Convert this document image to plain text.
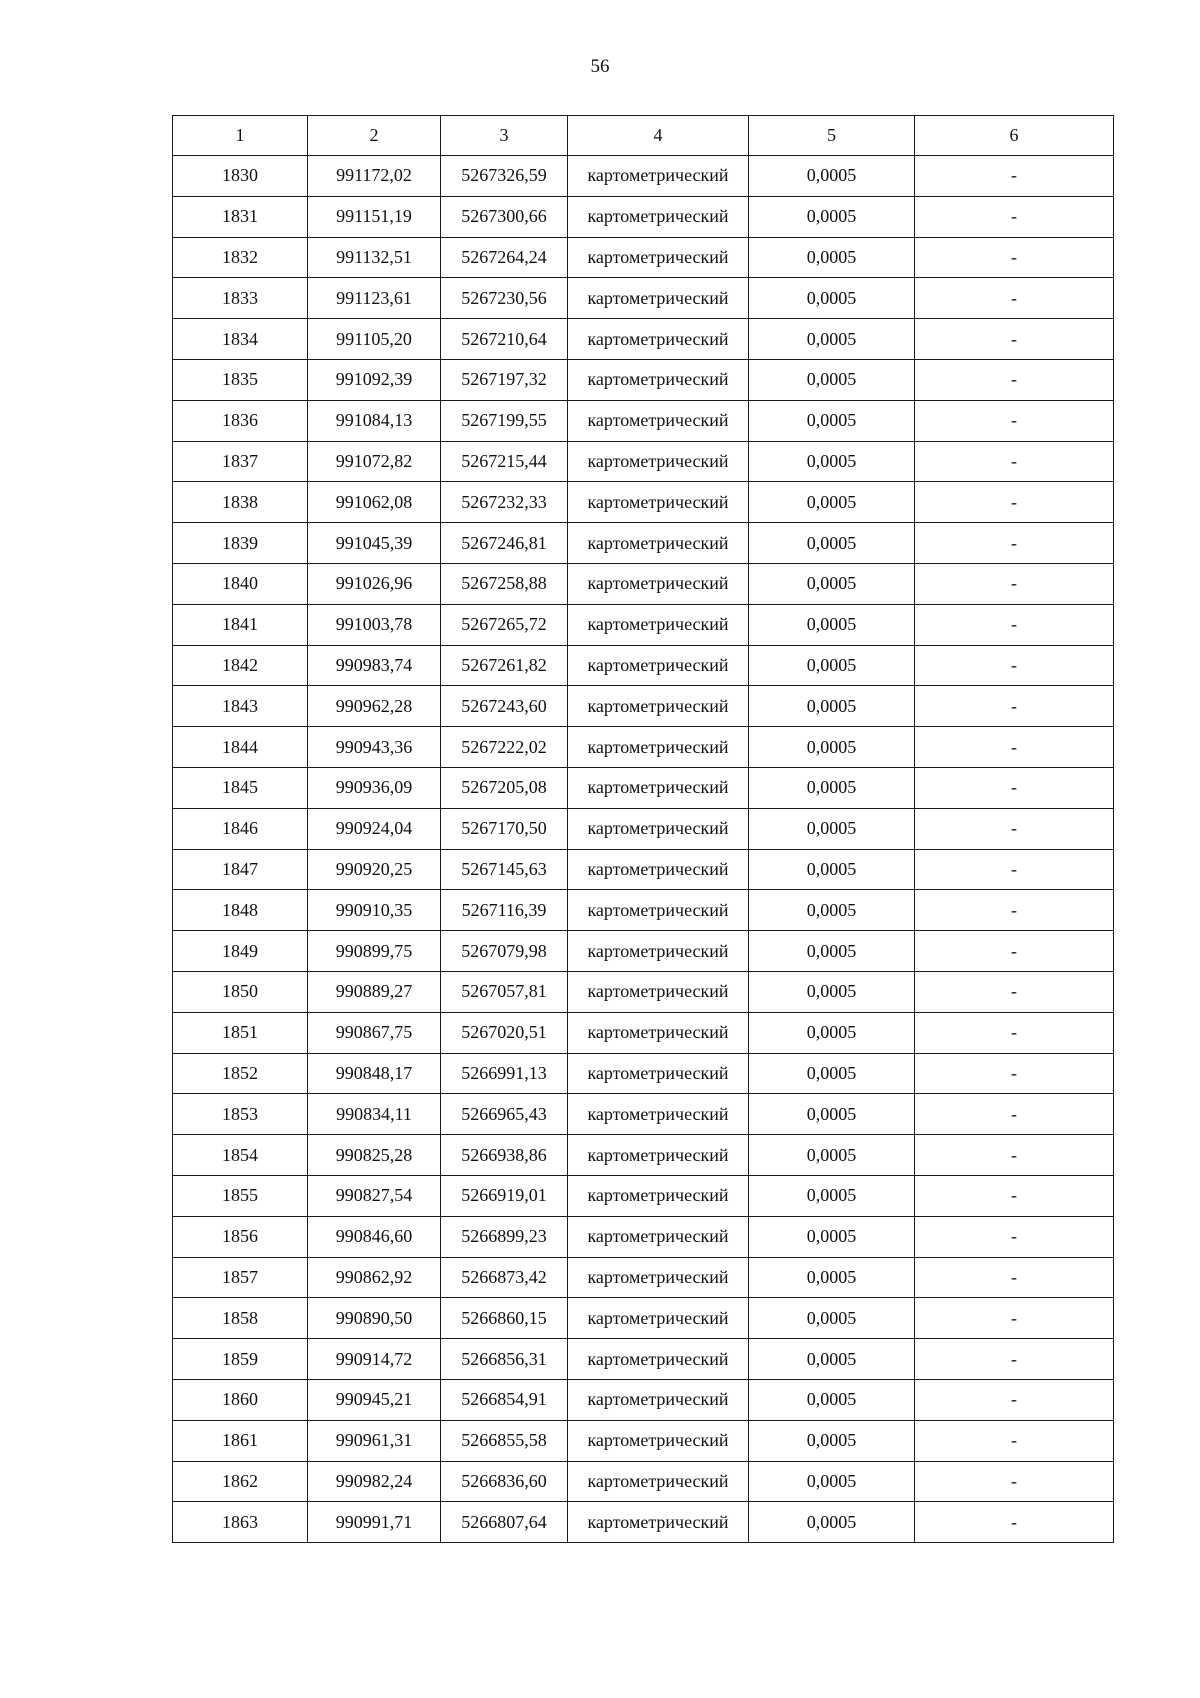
56
1	2	3	4	5	6
1830	991172,02	5267326,59	картометрический	0,0005	-
1831	991151,19	5267300,66	картометрический	0,0005	-
1832	991132,51	5267264,24	картометрический	0,0005	-
1833	991123,61	5267230,56	картометрический	0,0005	-
1834	991105,20	5267210,64	картометрический	0,0005	-
1835	991092,39	5267197,32	картометрический	0,0005	-
1836	991084,13	5267199,55	картометрический	0,0005	-
1837	991072,82	5267215,44	картометрический	0,0005	-
1838	991062,08	5267232,33	картометрический	0,0005	-
1839	991045,39	5267246,81	картометрический	0,0005	-
1840	991026,96	5267258,88	картометрический	0,0005	-
1841	991003,78	5267265,72	картометрический	0,0005	-
1842	990983,74	5267261,82	картометрический	0,0005	-
1843	990962,28	5267243,60	картометрический	0,0005	-
1844	990943,36	5267222,02	картометрический	0,0005	-
1845	990936,09	5267205,08	картометрический	0,0005	-
1846	990924,04	5267170,50	картометрический	0,0005	-
1847	990920,25	5267145,63	картометрический	0,0005	-
1848	990910,35	5267116,39	картометрический	0,0005	-
1849	990899,75	5267079,98	картометрический	0,0005	-
1850	990889,27	5267057,81	картометрический	0,0005	-
1851	990867,75	5267020,51	картометрический	0,0005	-
1852	990848,17	5266991,13	картометрический	0,0005	-
1853	990834,11	5266965,43	картометрический	0,0005	-
1854	990825,28	5266938,86	картометрический	0,0005	-
1855	990827,54	5266919,01	картометрический	0,0005	-
1856	990846,60	5266899,23	картометрический	0,0005	-
1857	990862,92	5266873,42	картометрический	0,0005	-
1858	990890,50	5266860,15	картометрический	0,0005	-
1859	990914,72	5266856,31	картометрический	0,0005	-
1860	990945,21	5266854,91	картометрический	0,0005	-
1861	990961,31	5266855,58	картометрический	0,0005	-
1862	990982,24	5266836,60	картометрический	0,0005	-
1863	990991,71	5266807,64	картометрический	0,0005	-
